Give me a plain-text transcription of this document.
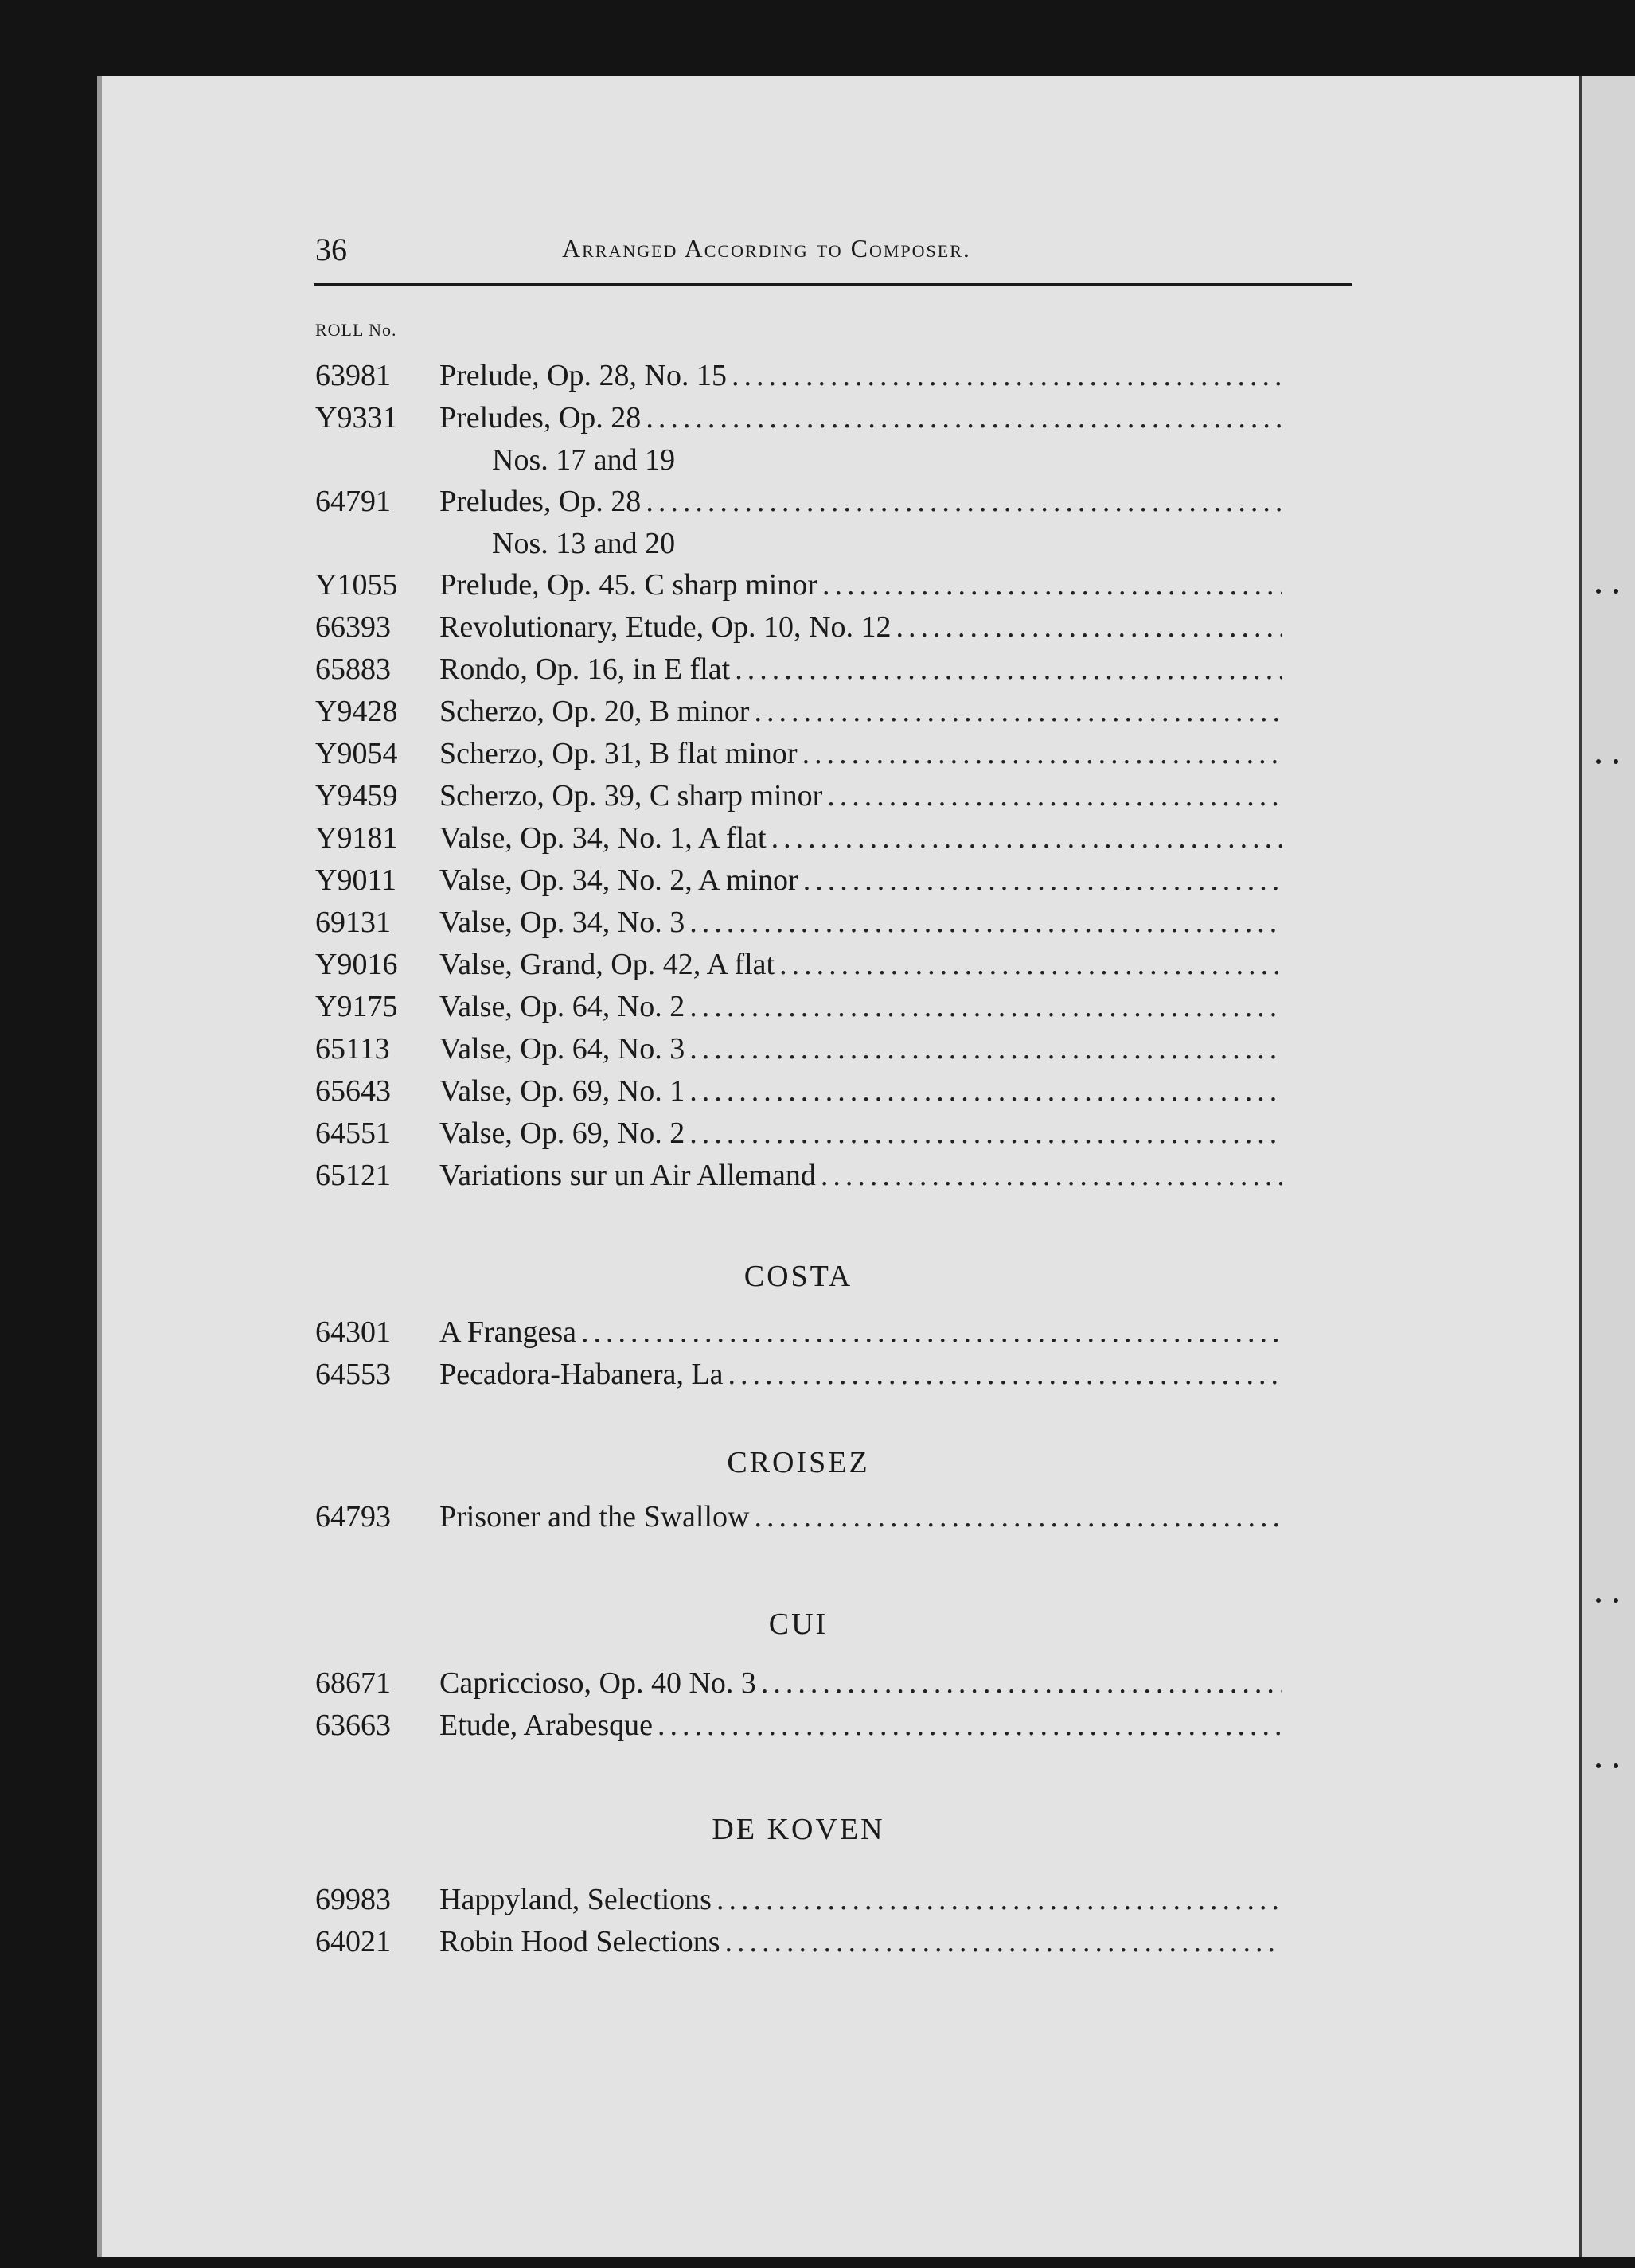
36	Arranged According to Composer.
ROLL No.
63981	Prelude, Op. 28, No. 15
.....
Y9331	Preludes, Op. 28
.....
Nos. 17 and 19
64791	Preludes, Op. 28
.....
Nos. 13 and 20
Y1055	Prelude, Op. 45. C sharp minor
.....
66393	Revolutionary, Etude, Op. 10, No. 12
.....
65883	Rondo, Op. 16, in E flat
.....
Y9428	Scherzo, Op. 20, B minor
.....
Y9054	Scherzo, Op. 31, B flat minor
.....
Y9459	Scherzo, Op. 39, C sharp minor
.....
Y9181	Valse, Op. 34, No. 1, A flat
.....
Y9011	Valse, Op. 34, No. 2, A minor
.....
69131	Valse, Op. 34, No. 3
.....
Y9016	Valse, Grand, Op. 42, A flat
.....
Y9175	Valse, Op. 64, No. 2
.....
65113	Valse, Op. 64, No. 3
.....
65643	Valse, Op. 69, No. 1
.....
64551	Valse, Op. 69, No. 2
.....
65121	Variations sur un Air Allemand
.....
COSTA
64301	A Frangesa
.....
64553	Pecadora-Habanera, La
.....
CROISEZ
64793	Prisoner and the Swallow
.....
CUI
68671	Capriccioso, Op. 40 No. 3
.....
63663	Etude, Arabesque
.....
DE KOVEN
69983	Happyland, Selections
.....
64021	Robin Hood Selections
.....
